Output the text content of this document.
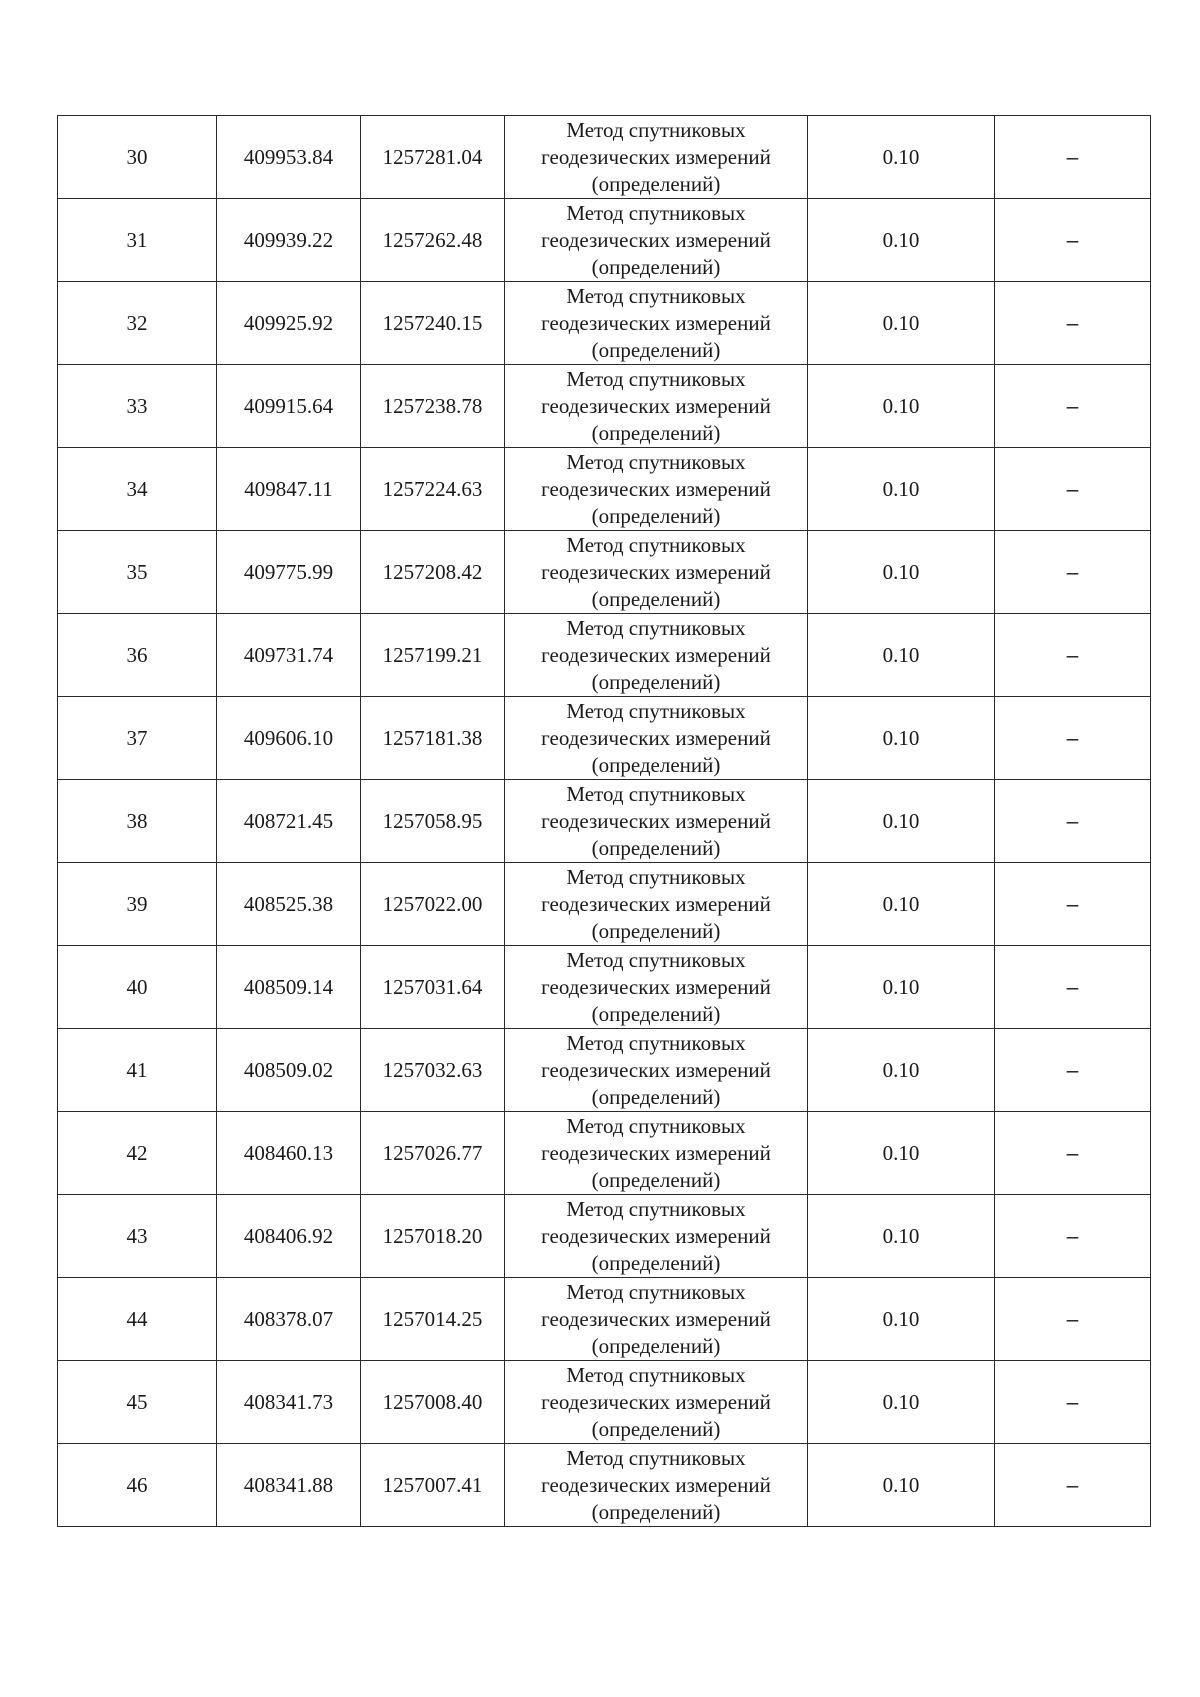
30	409953.84	1257281.04	Метод спутниковых
геодезических измерений
(определений)	0.10	–
31	409939.22	1257262.48	Метод спутниковых
геодезических измерений
(определений)	0.10	–
32	409925.92	1257240.15	Метод спутниковых
геодезических измерений
(определений)	0.10	–
33	409915.64	1257238.78	Метод спутниковых
геодезических измерений
(определений)	0.10	–
34	409847.11	1257224.63	Метод спутниковых
геодезических измерений
(определений)	0.10	–
35	409775.99	1257208.42	Метод спутниковых
геодезических измерений
(определений)	0.10	–
36	409731.74	1257199.21	Метод спутниковых
геодезических измерений
(определений)	0.10	–
37	409606.10	1257181.38	Метод спутниковых
геодезических измерений
(определений)	0.10	–
38	408721.45	1257058.95	Метод спутниковых
геодезических измерений
(определений)	0.10	–
39	408525.38	1257022.00	Метод спутниковых
геодезических измерений
(определений)	0.10	–
40	408509.14	1257031.64	Метод спутниковых
геодезических измерений
(определений)	0.10	–
41	408509.02	1257032.63	Метод спутниковых
геодезических измерений
(определений)	0.10	–
42	408460.13	1257026.77	Метод спутниковых
геодезических измерений
(определений)	0.10	–
43	408406.92	1257018.20	Метод спутниковых
геодезических измерений
(определений)	0.10	–
44	408378.07	1257014.25	Метод спутниковых
геодезических измерений
(определений)	0.10	–
45	408341.73	1257008.40	Метод спутниковых
геодезических измерений
(определений)	0.10	–
46	408341.88	1257007.41	Метод спутниковых
геодезических измерений
(определений)	0.10	–
